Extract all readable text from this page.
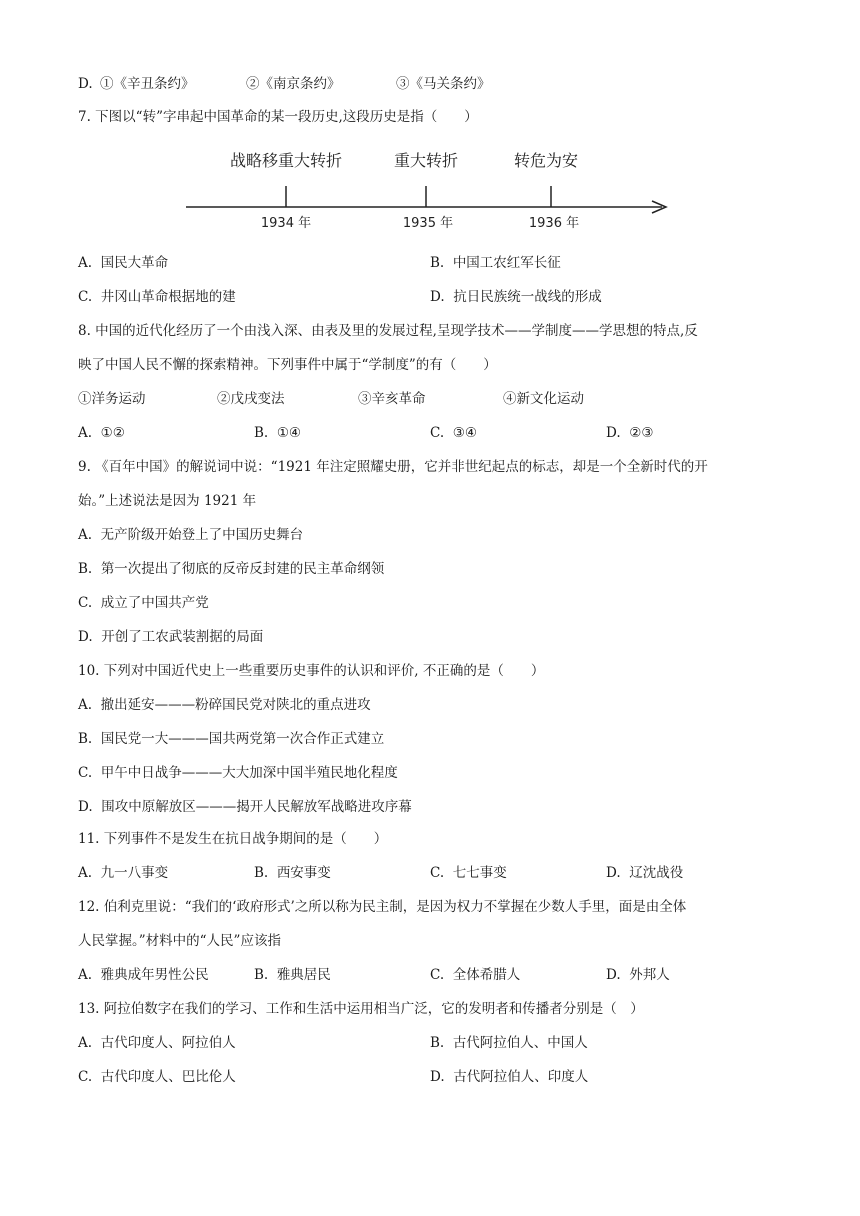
D. ①《辛丑条约》	②《南京条约》	③《马关条约》
7. 下图以“转”字串起中国革命的某一段历史,这段历史是指（　　）
战略移重大转折	重大转折	转危为安
1934 年	1935 年	1936 年
A. 国民大革命	B. 中国工农红军长征
C. 井冈山革命根据地的建	D. 抗日民族统一战线的形成
8. 中国的近代化经历了一个由浅入深、由表及里的发展过程,呈现学技术——学制度——学思想的特点,反
映了中国人民不懈的探索精神。下列事件中属于“学制度”的有（　　）
①洋务运动	②戊戌变法	③辛亥革命	④新文化运动
A. ①②	B. ①④	C. ③④	D. ②③
9. 《百年中国》的解说词中说：“1921 年注定照耀史册，它并非世纪起点的标志，却是一个全新时代的开
始。”上述说法是因为 1921 年
A. 无产阶级开始登上了中国历史舞台
B. 第一次提出了彻底的反帝反封建的民主革命纲领
C. 成立了中国共产党
D. 开创了工农武装割据的局面
10. 下列对中国近代史上一些重要历史事件的认识和评价, 不正确的是（　　）
A. 撤出延安———粉碎国民党对陕北的重点进攻
B. 国民党一大———国共两党第一次合作正式建立
C. 甲午中日战争———大大加深中国半殖民地化程度
D. 围攻中原解放区———揭开人民解放军战略进攻序幕
11. 下列事件不是发生在抗日战争期间的是（　　）
A. 九一八事变	B. 西安事变	C. 七七事变	D. 辽沈战役
12. 伯利克里说：“我们的‘政府形式’之所以称为民主制，是因为权力不掌握在少数人手里，面是由全体
人民掌握。”材料中的“人民”应该指
A. 雅典成年男性公民	B. 雅典居民	C. 全体希腊人	D. 外邦人
13. 阿拉伯数字在我们的学习、工作和生活中运用相当广泛，它的发明者和传播者分别是（　）
A. 古代印度人、阿拉伯人	B. 古代阿拉伯人、中国人
C. 古代印度人、巴比伦人	D. 古代阿拉伯人、印度人
